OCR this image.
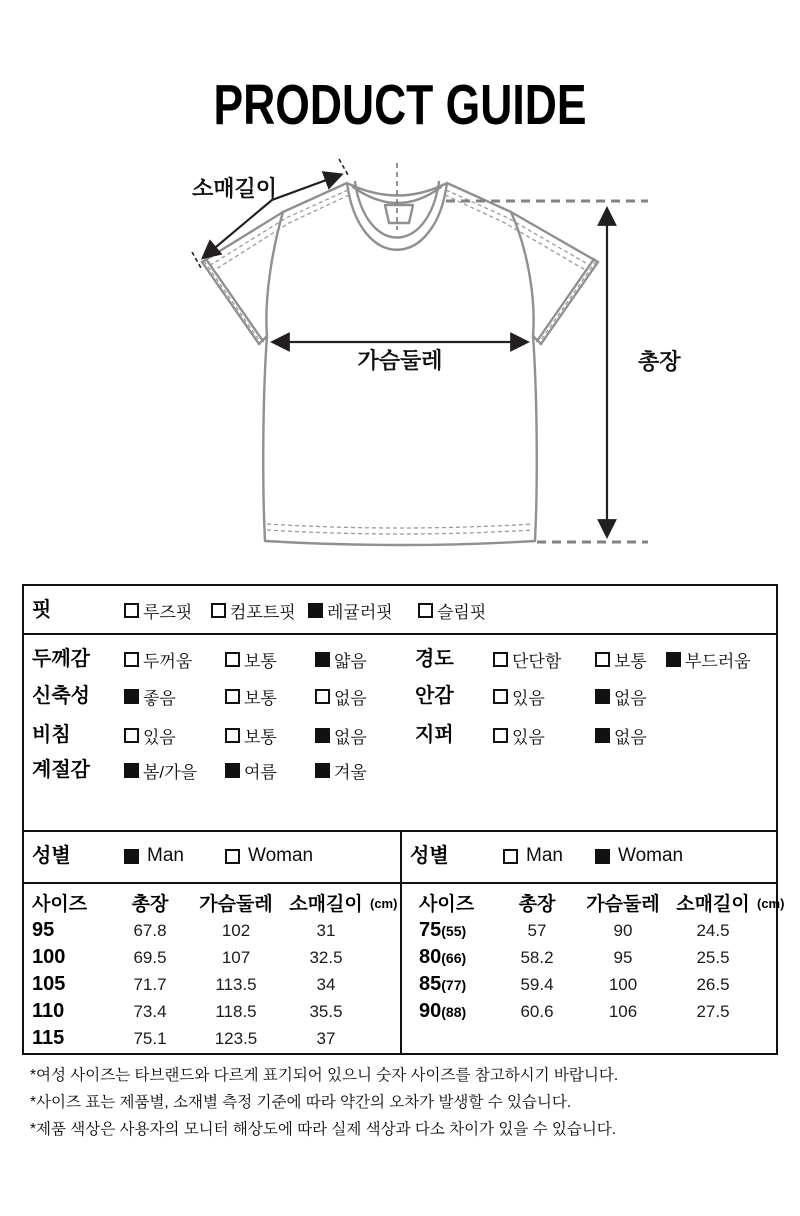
PRODUCT GUIDE
소매길이
가슴둘레	총장
핏	루즈핏 컴포트핏 레귤러핏	슬림핏
두께감	두꺼움	보통	얇음 경도	단단함	보통 부드러움
신축성	좋음	보통	없음 안감	있음	없음
비침	있음	보통	없음 지퍼	있음	없음
계절감	봄/가을	여름	겨울
성별	Man	Woman	성별	Man	Woman
사이즈	총장	가슴둘레 소매길이
95	67.8	102	31
100	69.5	107	32.5
105	71.7	113.5	34
110	73.4	118.5	35.5
115	75.1	123.5	37
(cm) 사이즈	총장	가슴둘레 소매길이
75(55)	57	90	24.5
80(66)	58.2	95	25.5
85(77)	59.4	100	26.5
90(88)	60.6	106	27.5
(cm)
*여성 사이즈는 타브랜드와 다르게 표기되어 있으니 숫자 사이즈를 참고하시기 바랍니다.
*사이즈 표는 제품별, 소재별 측정 기준에 따라 약간의 오차가 발생할 수 있습니다.
*제품 색상은 사용자의 모니터 해상도에 따라 실제 색상과 다소 차이가 있을 수 있습니다.
